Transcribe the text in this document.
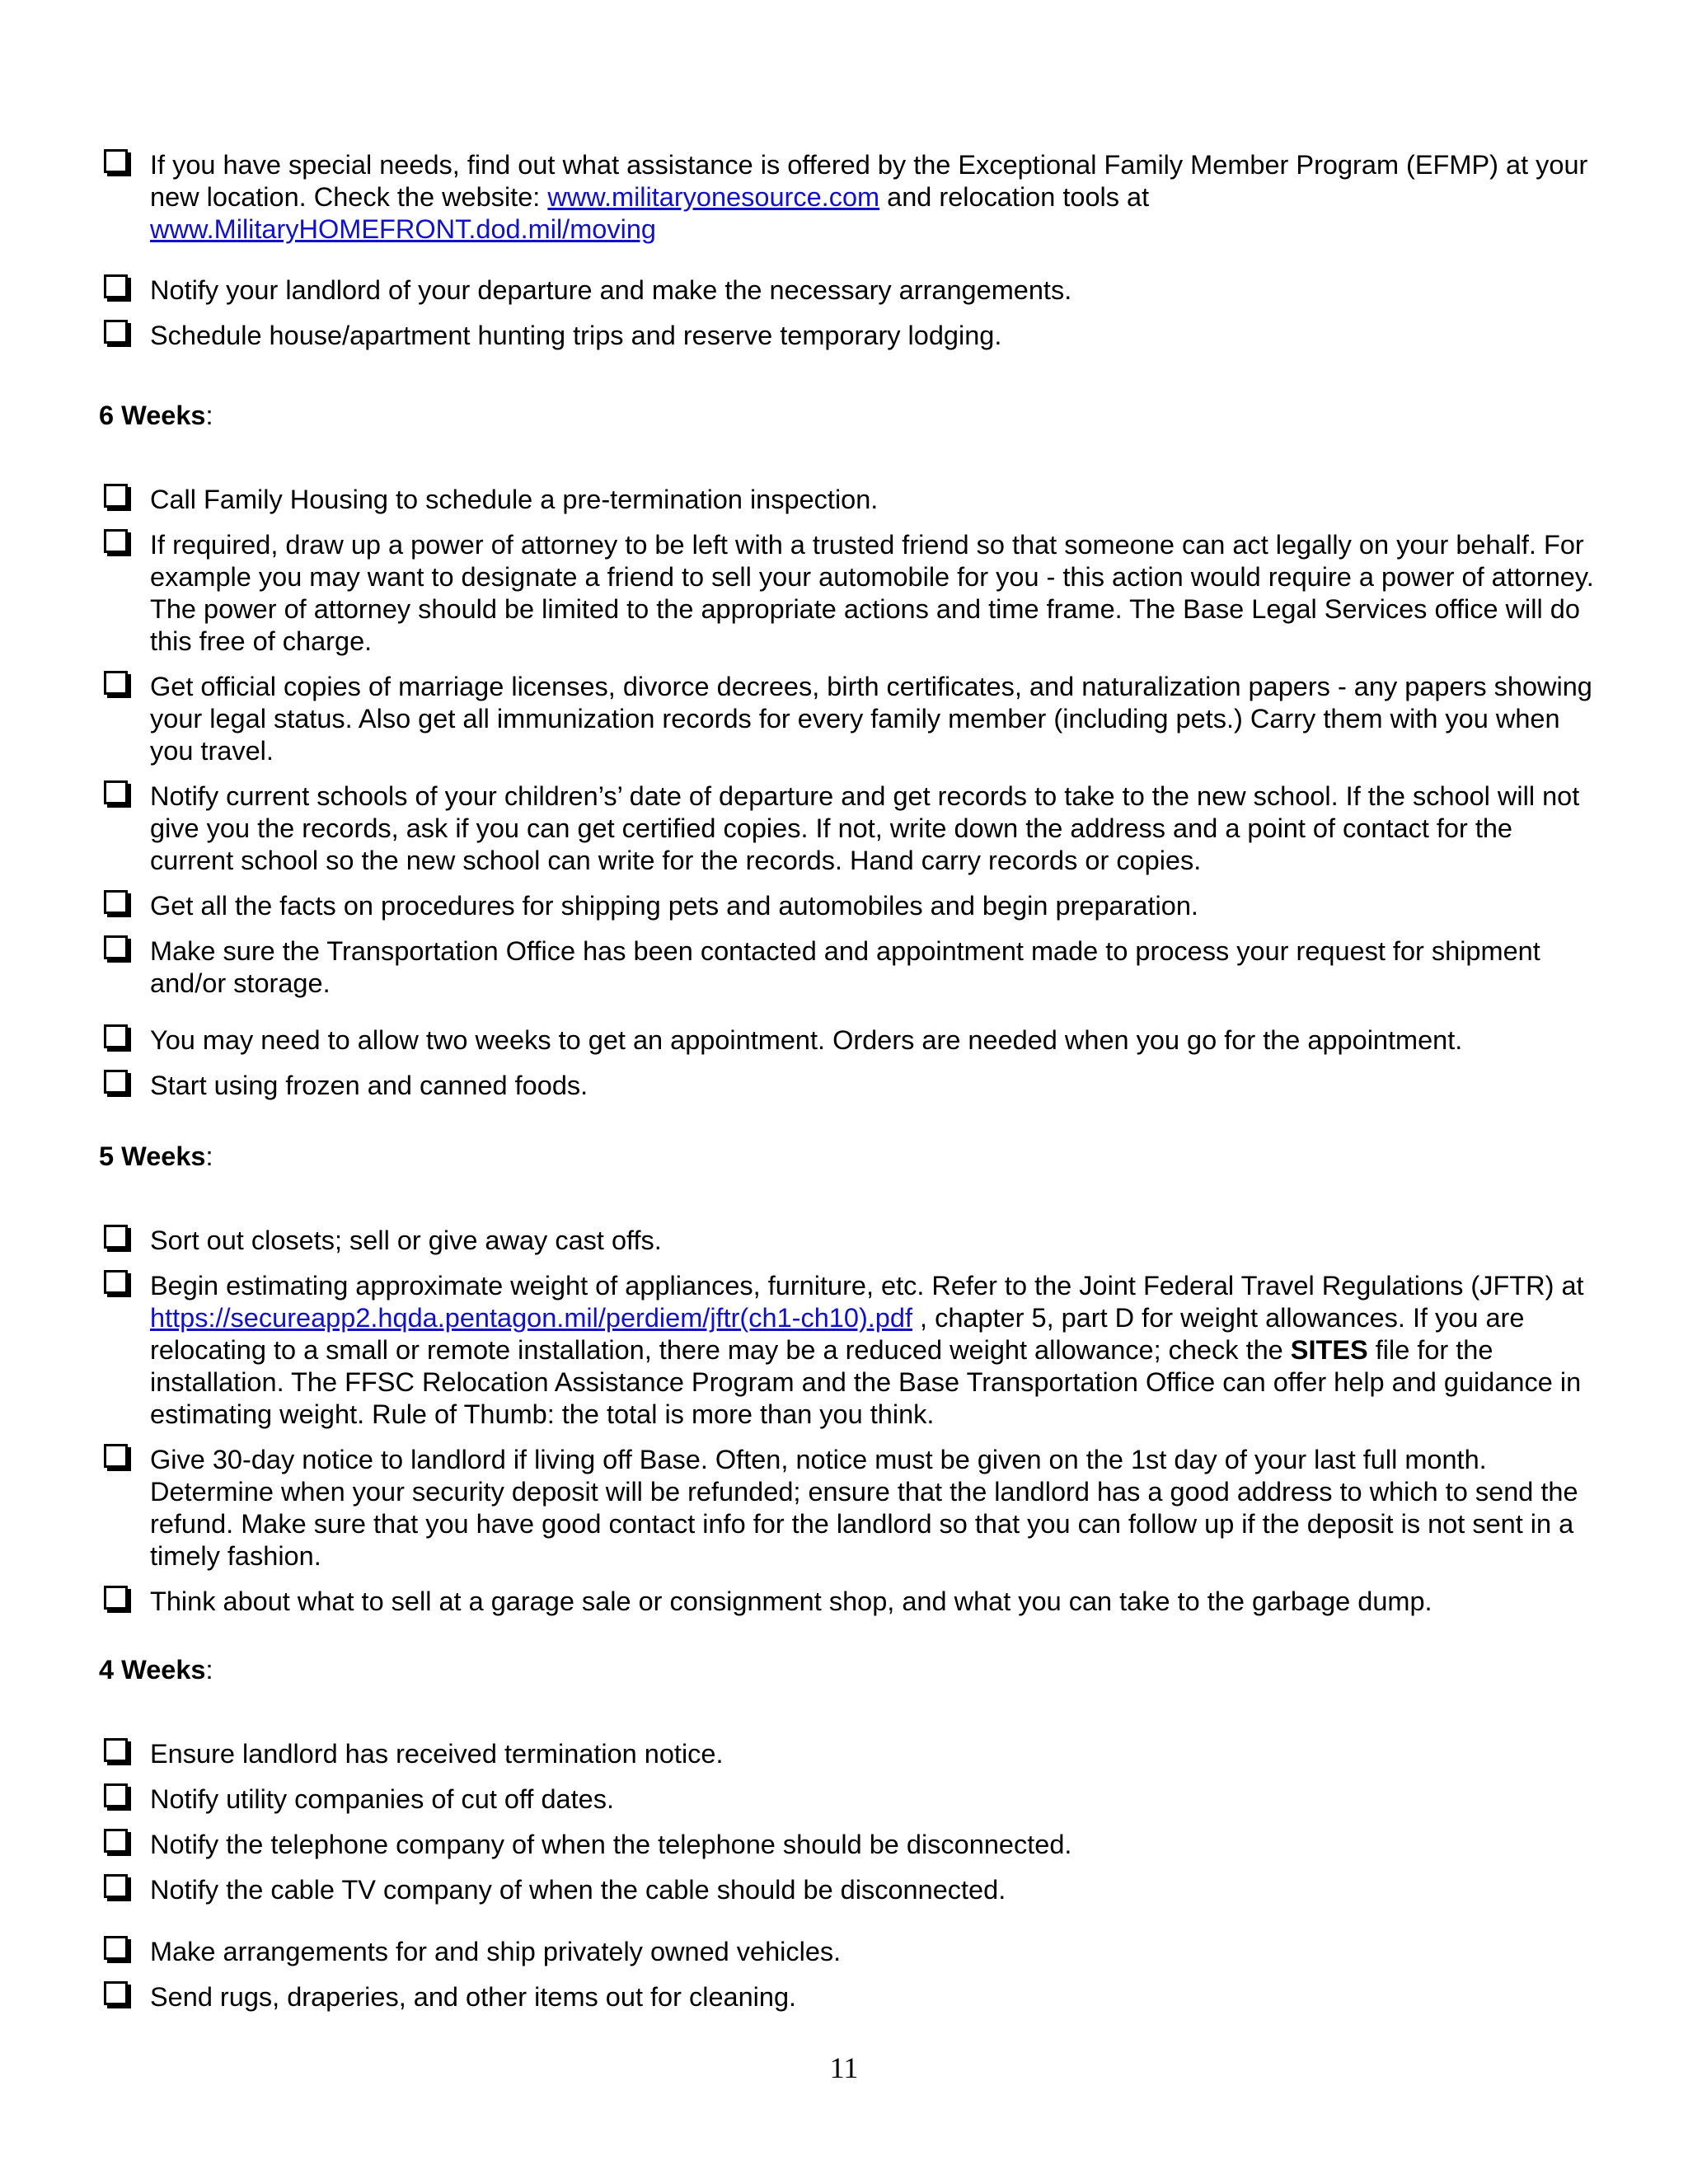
If you have special needs, find out what assistance is offered by the Exceptional Family Member Program (EFMP) at your new location. Check the website: www.militaryonesource.com and relocation tools at
www.MilitaryHOMEFRONT.dod.mil/moving
Notify your landlord of your departure and make the necessary arrangements.
Schedule house/apartment hunting trips and reserve temporary lodging.
6 Weeks:
Call Family Housing to schedule a pre-termination inspection.
If required, draw up a power of attorney to be left with a trusted friend so that someone can act legally on your behalf. For example you may want to designate a friend to sell your automobile for you - this action would require a power of attorney. The power of attorney should be limited to the appropriate actions and time frame. The Base Legal Services office will do this free of charge.
Get official copies of marriage licenses, divorce decrees, birth certificates, and naturalization papers - any papers showing your legal status. Also get all immunization records for every family member (including pets.) Carry them with you when you travel.
Notify current schools of your children’s’ date of departure and get records to take to the new school. If the school will not give you the records, ask if you can get certified copies. If not, write down the address and a point of contact for the current school so the new school can write for the records. Hand carry records or copies.
Get all the facts on procedures for shipping pets and automobiles and begin preparation.
Make sure the Transportation Office has been contacted and appointment made to process your request for shipment and/or storage.
You may need to allow two weeks to get an appointment. Orders are needed when you go for the appointment.
Start using frozen and canned foods.
5 Weeks:
Sort out closets; sell or give away cast offs.
Begin estimating approximate weight of appliances, furniture, etc. Refer to the Joint Federal Travel Regulations (JFTR) at https://secureapp2.hqda.pentagon.mil/perdiem/jftr(ch1-ch10).pdf , chapter 5, part D for weight allowances. If you are relocating to a small or remote installation, there may be a reduced weight allowance; check the SITES file for the installation. The FFSC Relocation Assistance Program and the Base Transportation Office can offer help and guidance in estimating weight. Rule of Thumb: the total is more than you think.
Give 30-day notice to landlord if living off Base. Often, notice must be given on the 1st day of your last full month. Determine when your security deposit will be refunded; ensure that the landlord has a good address to which to send the refund. Make sure that you have good contact info for the landlord so that you can follow up if the deposit is not sent in a timely fashion.
Think about what to sell at a garage sale or consignment shop, and what you can take to the garbage dump.
4 Weeks:
Ensure landlord has received termination notice.
Notify utility companies of cut off dates.
Notify the telephone company of when the telephone should be disconnected.
Notify the cable TV company of when the cable should be disconnected.
Make arrangements for and ship privately owned vehicles.
Send rugs, draperies, and other items out for cleaning.
11
